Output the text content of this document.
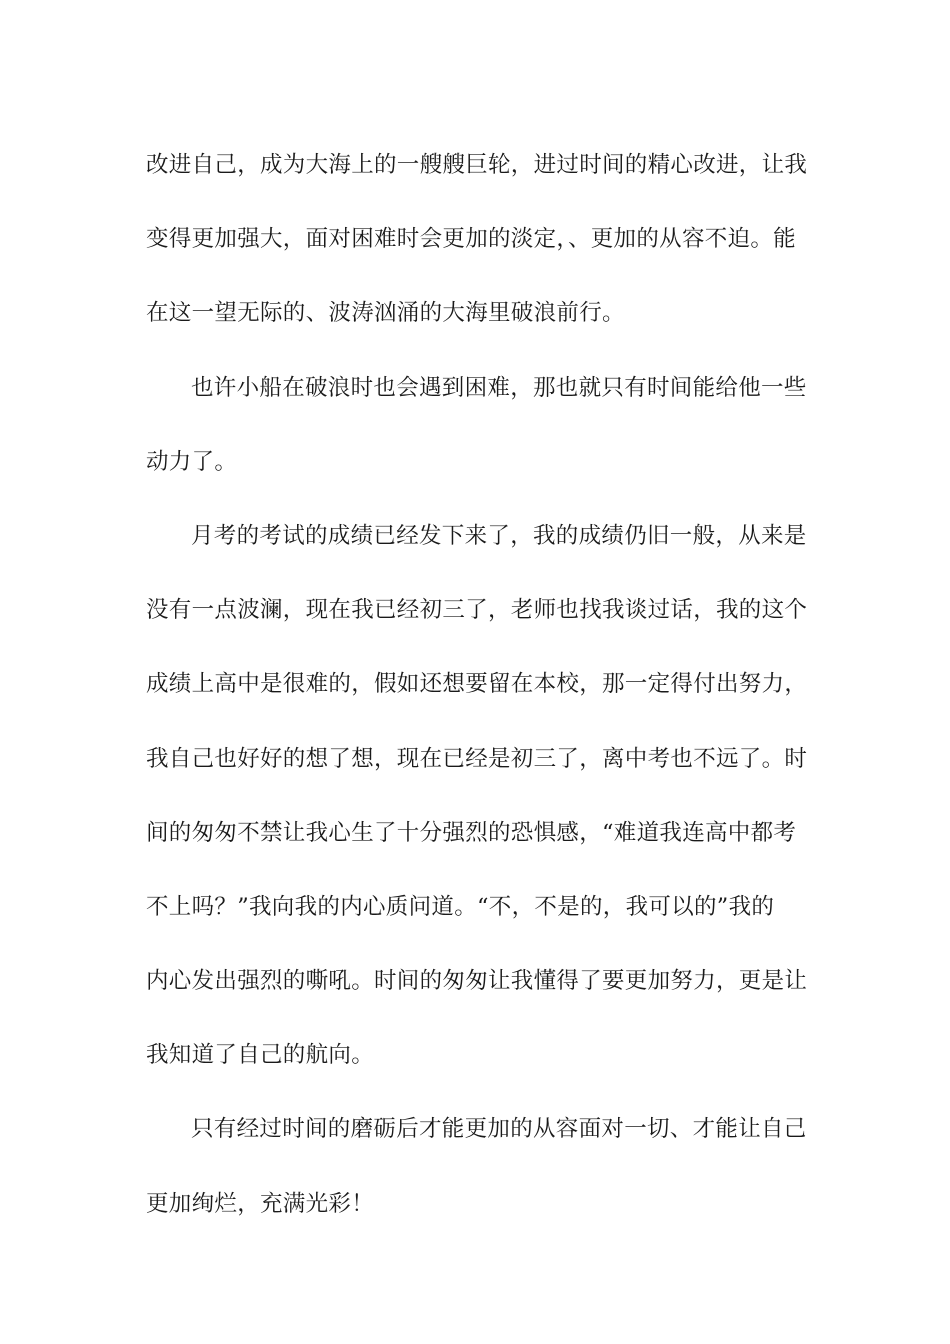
改进自己，成为大海上的一艘艘巨轮，进过时间的精心改进，让我
变得更加强大，面对困难时会更加的淡定，、更加的从容不迫。能
在这一望无际的、波涛汹涌的大海里破浪前行。
也许小船在破浪时也会遇到困难，那也就只有时间能给他一些
动力了。
月考的考试的成绩已经发下来了，我的成绩仍旧一般，从来是
没有一点波澜，现在我已经初三了，老师也找我谈过话，我的这个
成绩上高中是很难的，假如还想要留在本校，那一定得付出努力，
我自己也好好的想了想，现在已经是初三了，离中考也不远了。时
间的匆匆不禁让我心生了十分强烈的恐惧感，“难道我连高中都考
不上吗？”我向我的内心质问道。“不，不是的，我可以的”我的
内心发出强烈的嘶吼。时间的匆匆让我懂得了要更加努力，更是让
我知道了自己的航向。
只有经过时间的磨砺后才能更加的从容面对一切、才能让自己
更加绚烂，充满光彩！
